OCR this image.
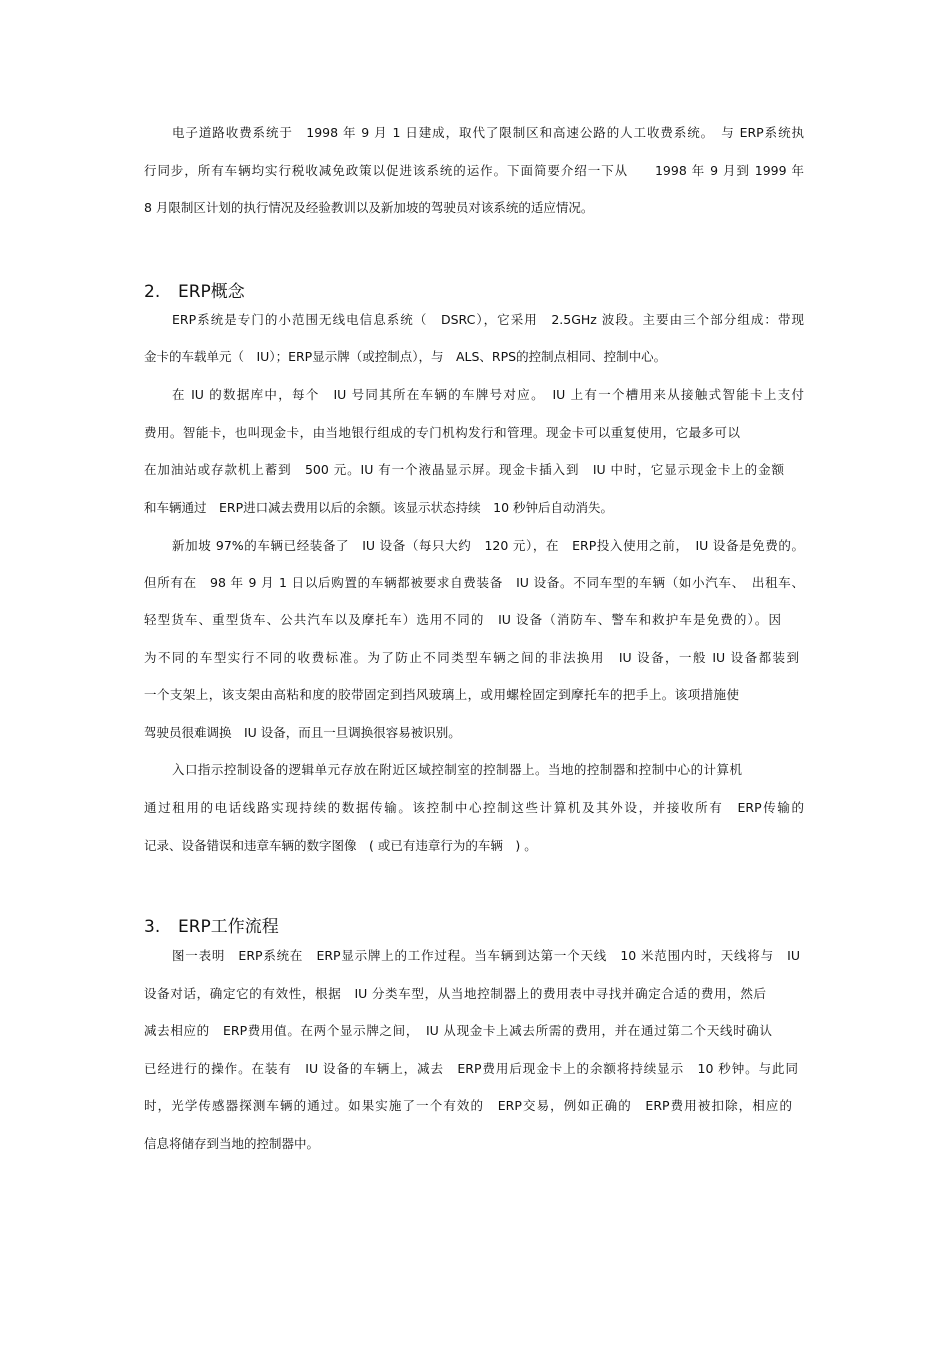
电子道路收费系统于　1998 年 9 月 1 日建成，取代了限制区和高速公路的人工收费系统。　与 ERP系统执
行同步，所有车辆均实行税收减免政策以促进该系统的运作。下面简要介绍一下从　　1998 年 9 月到 1999 年
8 月限制区计划的执行情况及经验教训以及新加坡的驾驶员对该系统的适应情况。
2. ERP概念
ERP系统是专门的小范围无线电信息系统（　DSRC），它采用　2.5GHz 波段。主要由三个部分组成：带现
金卡的车载单元（　IU）；ERP显示牌（或控制点），与　ALS、RPS的控制点相同、控制中心。
在 IU 的数据库中，每个　IU 号同其所在车辆的车牌号对应。　IU 上有一个槽用来从接触式智能卡上支付
费用。智能卡，也叫现金卡，由当地银行组成的专门机构发行和管理。现金卡可以重复使用，它最多可以
在加油站或存款机上蓄到　500 元。IU 有一个液晶显示屏。现金卡插入到　IU 中时，它显示现金卡上的金额
和车辆通过　ERP进口减去费用以后的余额。该显示状态持续　10 秒钟后自动消失。
新加坡 97%的车辆已经装备了　IU 设备（每只大约　120 元），在　ERP投入使用之前，　IU 设备是免费的。
但所有在　98 年 9 月 1 日以后购置的车辆都被要求自费装备　IU 设备。不同车型的车辆（如小汽车、　出租车、
轻型货车、重型货车、公共汽车以及摩托车）选用不同的　IU 设备（消防车、警车和救护车是免费的）。因
为不同的车型实行不同的收费标准。为了防止不同类型车辆之间的非法换用　IU 设备，一般 IU 设备都装到
一个支架上，该支架由高粘和度的胶带固定到挡风玻璃上，或用螺栓固定到摩托车的把手上。该项措施使
驾驶员很难调换　IU 设备，而且一旦调换很容易被识别。
入口指示控制设备的逻辑单元存放在附近区域控制室的控制器上。当地的控制器和控制中心的计算机
通过租用的电话线路实现持续的数据传输。该控制中心控制这些计算机及其外设，并接收所有　ERP传输的
记录、设备错误和违章车辆的数字图像　( 或已有违章行为的车辆　) 。
3. ERP工作流程
图一表明　ERP系统在　ERP显示牌上的工作过程。当车辆到达第一个天线　10 米范围内时，天线将与　IU
设备对话，确定它的有效性，根据　IU 分类车型，从当地控制器上的费用表中寻找并确定合适的费用，然后
减去相应的　ERP费用值。在两个显示牌之间，　IU 从现金卡上减去所需的费用，并在通过第二个天线时确认
已经进行的操作。在装有　IU 设备的车辆上，减去　ERP费用后现金卡上的余额将持续显示　10 秒钟。与此同
时，光学传感器探测车辆的通过。如果实施了一个有效的　ERP交易，例如正确的　ERP费用被扣除，相应的
信息将储存到当地的控制器中。
